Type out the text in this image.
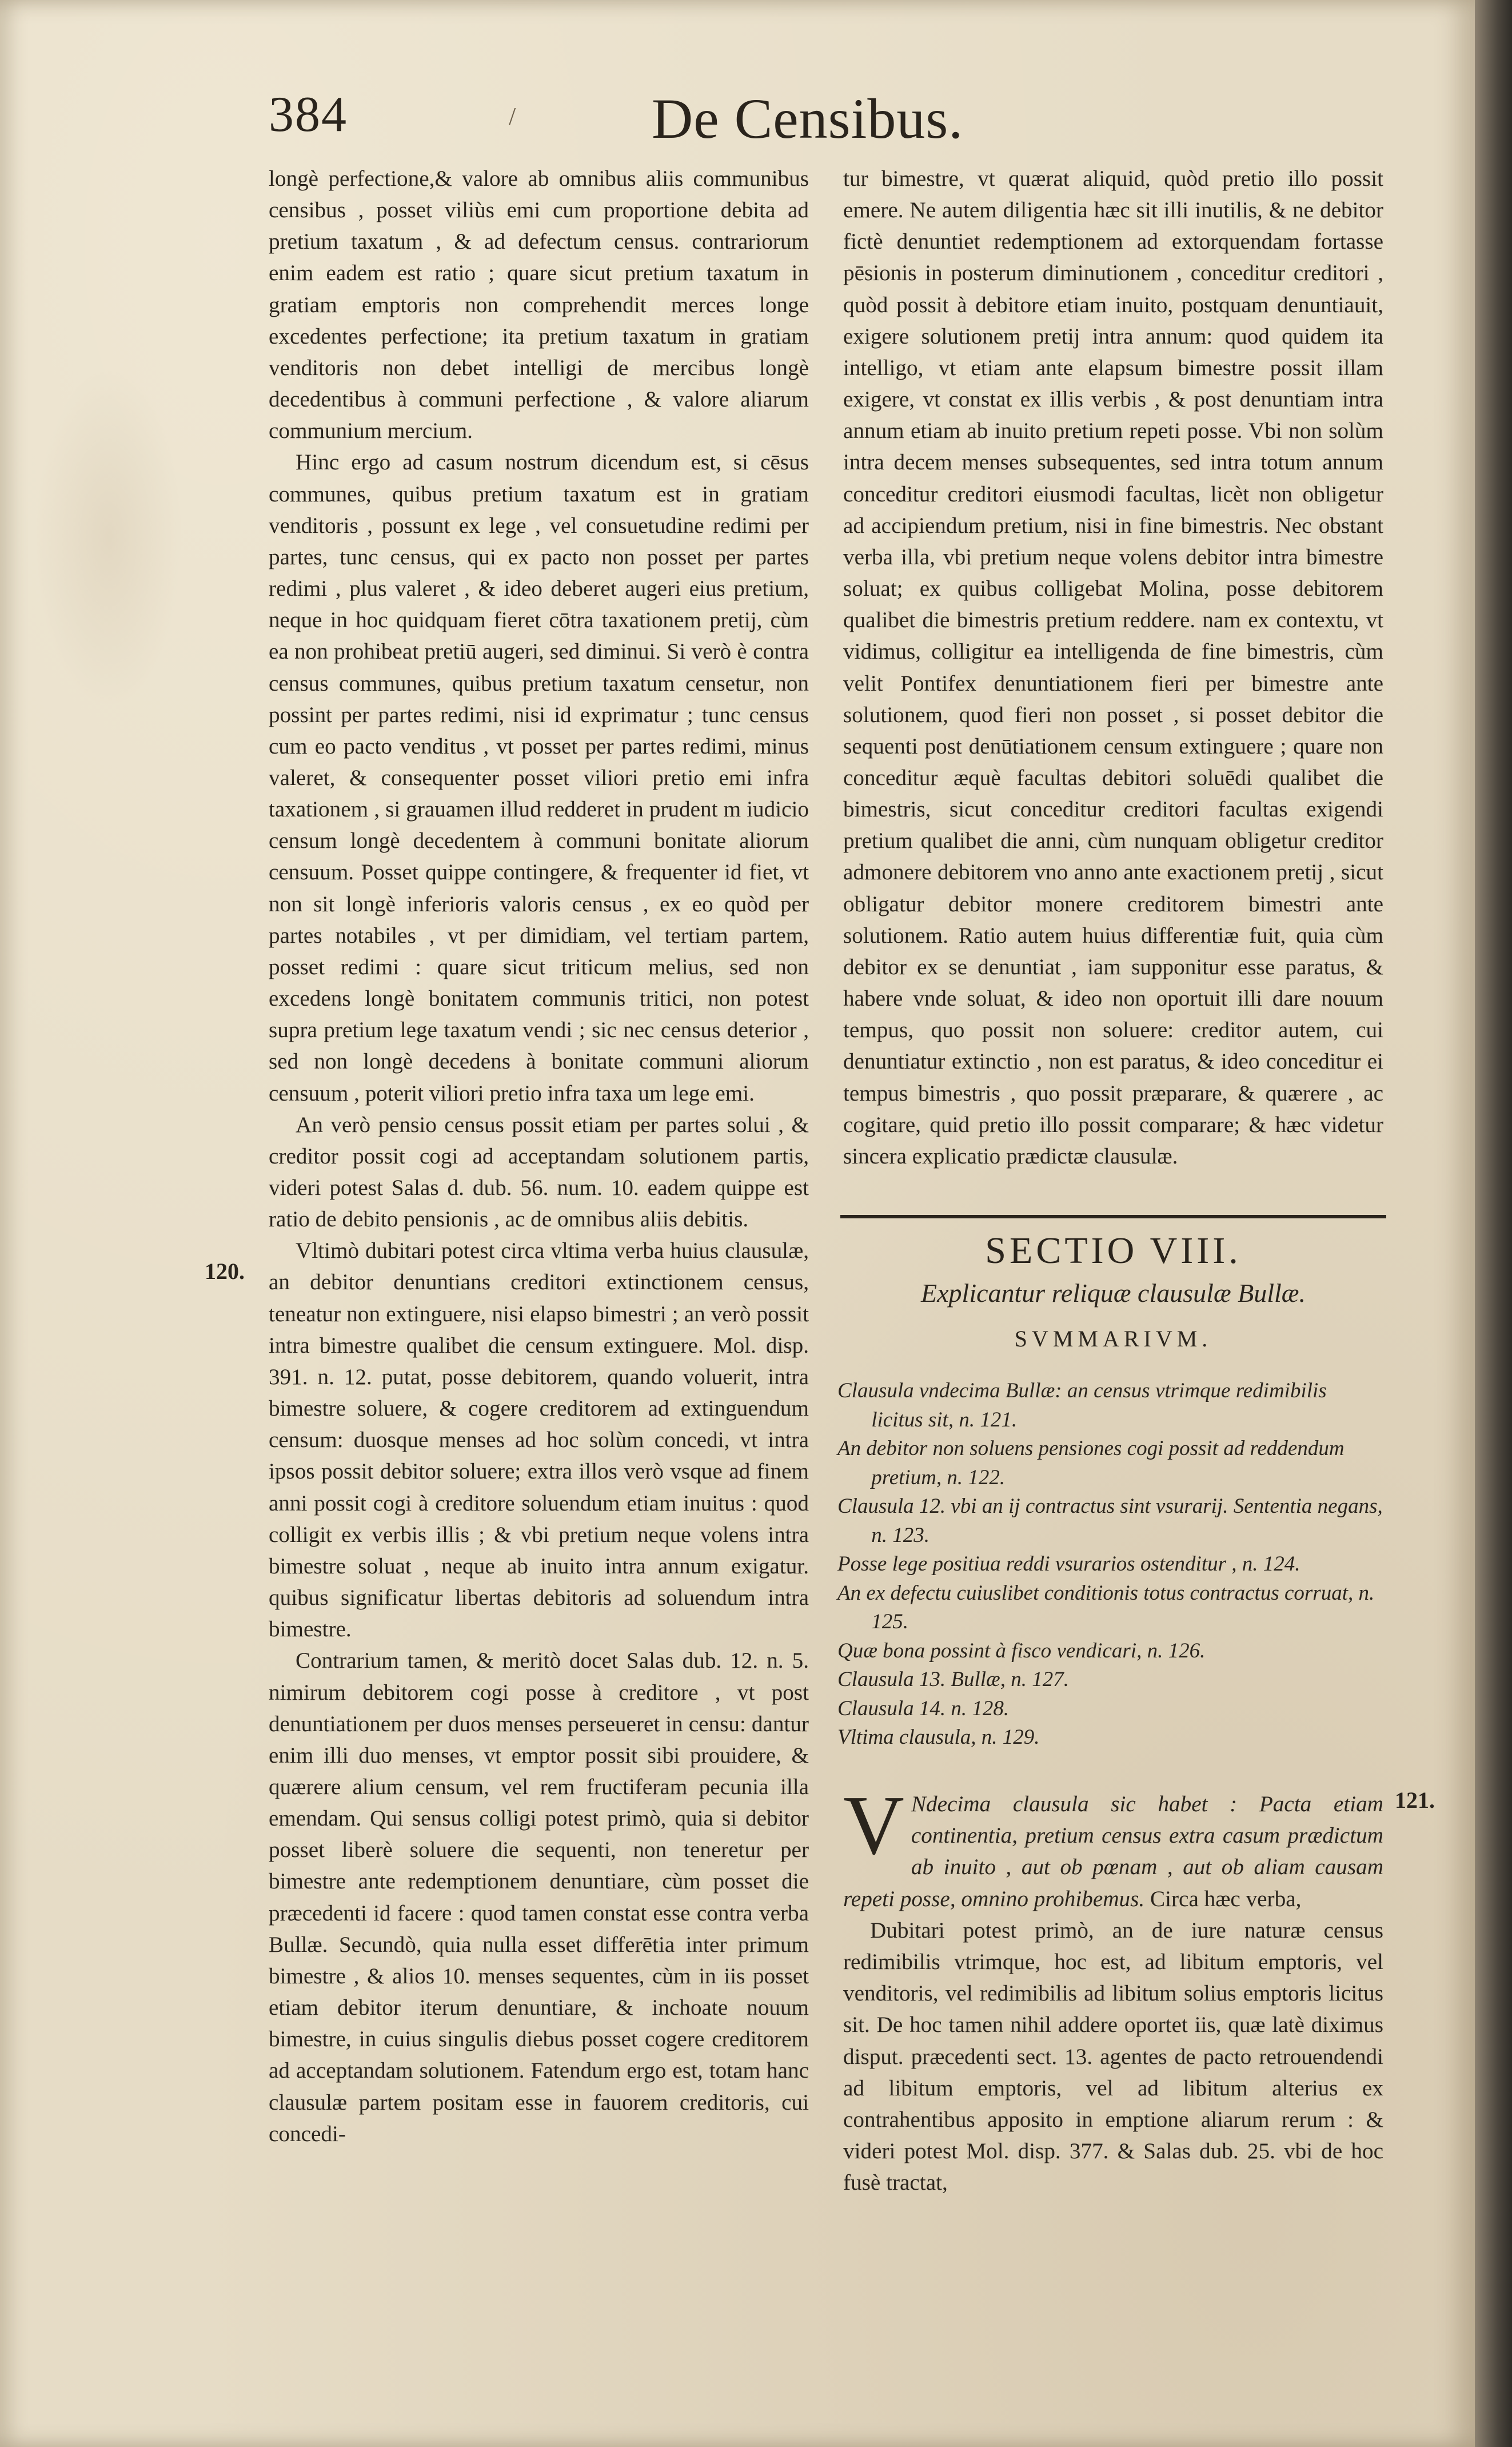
384	/ De Censibus.
120.
121.

longè perfectione,& valore ab omnibus aliis communibus censibus , posset viliùs emi cum proportione debita ad pretium taxatum , & ad defectum census. contrariorum enim eadem est ratio ; quare sicut pretium taxatum in gratiam emptoris non comprehendit merces longe excedentes perfectione; ita pretium taxatum in gratiam venditoris non debet intelligi de mercibus longè decedentibus à communi perfectione , & valore aliarum communium mercium.

Hinc ergo ad casum nostrum dicendum est, si cēsus communes, quibus pretium taxatum est in gratiam venditoris , possunt ex lege , vel consuetudine redimi per partes, tunc census, qui ex pacto non posset per partes redimi , plus valeret , & ideo deberet augeri eius pretium, neque in hoc quidquam fieret cōtra taxationem pretij, cùm ea non prohibeat pretiū augeri, sed diminui. Si verò è contra census communes, quibus pretium taxatum censetur, non possint per partes redimi, nisi id exprimatur ; tunc census cum eo pacto venditus , vt posset per partes redimi, minus valeret, & consequenter posset viliori pretio emi infra taxationem , si grauamen illud redderet in prudent m iudicio censum longè decedentem à communi bonitate aliorum censuum. Posset quippe contingere, & frequenter id fiet, vt non sit longè inferioris valoris census , ex eo quòd per partes notabiles , vt per dimidiam, vel tertiam partem, posset redimi : quare sicut triticum melius, sed non excedens longè bonitatem communis tritici, non potest supra pretium lege taxatum vendi ; sic nec census deterior , sed non longè decedens à bonitate communi aliorum censuum , poterit viliori pretio infra taxa um lege emi.

An verò pensio census possit etiam per partes solui , & creditor possit cogi ad acceptandam solutionem partis, videri potest Salas d. dub. 56. num. 10. eadem quippe est ratio de debito pensionis , ac de omnibus aliis debitis.

Vltimò dubitari potest circa vltima verba huius clausulæ, an debitor denuntians creditori extinctionem census, teneatur non extinguere, nisi elapso bimestri ; an verò possit intra bimestre qualibet die censum extinguere. Mol. disp. 391. n. 12. putat, posse debitorem, quando voluerit, intra bimestre soluere, & cogere creditorem ad extinguendum censum: duosque menses ad hoc solùm concedi, vt intra ipsos possit debitor soluere; extra illos verò vsque ad finem anni possit cogi à creditore soluendum etiam inuitus : quod colligit ex verbis illis ; & vbi pretium neque volens intra bimestre soluat , neque ab inuito intra annum exigatur. quibus significatur libertas debitoris ad soluendum intra bimestre.

Contrarium tamen, & meritò docet Salas dub. 12. n. 5. nimirum debitorem cogi posse à creditore , vt post denuntiationem per duos menses perseueret in censu: dantur enim illi duo menses, vt emptor possit sibi prouidere, & quærere alium censum, vel rem fructiferam pecunia illa emendam. Qui sensus colligi potest primò, quia si debitor posset liberè soluere die sequenti, non teneretur per bimestre ante redemptionem denuntiare, cùm posset die præcedenti id facere : quod tamen constat esse contra verba Bullæ. Secundò, quia nulla esset differētia inter primum bimestre , & alios 10. menses sequentes, cùm in iis posset etiam debitor iterum denuntiare, & inchoate nouum bimestre, in cuius singulis diebus posset cogere creditorem ad acceptandam solutionem. Fatendum ergo est, totam hanc clausulæ partem positam esse in fauorem creditoris, cui concedi-

tur bimestre, vt quærat aliquid, quòd pretio illo possit emere. Ne autem diligentia hæc sit illi inutilis, & ne debitor fictè denuntiet redemptionem ad extorquendam fortasse pēsionis in posterum diminutionem , conceditur creditori , quòd possit à debitore etiam inuito, postquam denuntiauit, exigere solutionem pretij intra annum: quod quidem ita intelligo, vt etiam ante elapsum bimestre possit illam exigere, vt constat ex illis verbis , & post denuntiam intra annum etiam ab inuito pretium repeti posse. Vbi non solùm intra decem menses subsequentes, sed intra totum annum conceditur creditori eiusmodi facultas, licèt non obligetur ad accipiendum pretium, nisi in fine bimestris. Nec obstant verba illa, vbi pretium neque volens debitor intra bimestre soluat; ex quibus colligebat Molina, posse debitorem qualibet die bimestris pretium reddere. nam ex contextu, vt vidimus, colligitur ea intelligenda de fine bimestris, cùm velit Pontifex denuntiationem fieri per bimestre ante solutionem, quod fieri non posset , si posset debitor die sequenti post denūtiationem censum extinguere ; quare non conceditur æquè facultas debitori soluēdi qualibet die bimestris, sicut conceditur creditori facultas exigendi pretium qualibet die anni, cùm nunquam obligetur creditor admonere debitorem vno anno ante exactionem pretij , sicut obligatur debitor monere creditorem bimestri ante solutionem. Ratio autem huius differentiæ fuit, quia cùm debitor ex se denuntiat , iam supponitur esse paratus, & habere vnde soluat, & ideo non oportuit illi dare nouum tempus, quo possit non soluere: creditor autem, cui denuntiatur extinctio , non est paratus, & ideo conceditur ei tempus bimestris , quo possit præparare, & quærere , ac cogitare, quid pretio illo possit comparare; & hæc videtur sincera explicatio prædictæ clausulæ.

SECTIO VIII.
Explicantur reliquæ clausulæ Bullæ.
SVMMARIVM.
Clausula vndecima Bullæ: an census vtrimque redimibilis licitus sit, n. 121.
An debitor non soluens pensiones cogi possit ad reddendum pretium, n. 122.
Clausula 12. vbi an ij contractus sint vsurarij. Sententia negans, n. 123.
Posse lege positiua reddi vsurarios ostenditur , n. 124.
An ex defectu cuiuslibet conditionis totus contractus corruat, n. 125.
Quæ bona possint à fisco vendicari, n. 126.
Clausula 13. Bullæ, n. 127.
Clausula 14. n. 128.
Vltima clausula, n. 129.
V Ndecima clausula sic habet : Pacta etiam continentia, pretium census extra casum prædictum ab inuito , aut ob pœnam , aut ob aliam causam repeti posse, omnino prohibemus. Circa hæc verba,
Dubitari potest primò, an de iure naturæ census redimibilis vtrimque, hoc est, ad libitum emptoris, vel venditoris, vel redimibilis ad libitum solius emptoris licitus sit. De hoc tamen nihil addere oportet iis, quæ latè diximus disput. præcedenti sect. 13. agentes de pacto retrouendendi ad libitum emptoris, vel ad libitum alterius ex contrahentibus apposito in emptione aliarum rerum : & videri potest Mol. disp. 377. & Salas dub. 25. vbi de hoc fusè tractat,
